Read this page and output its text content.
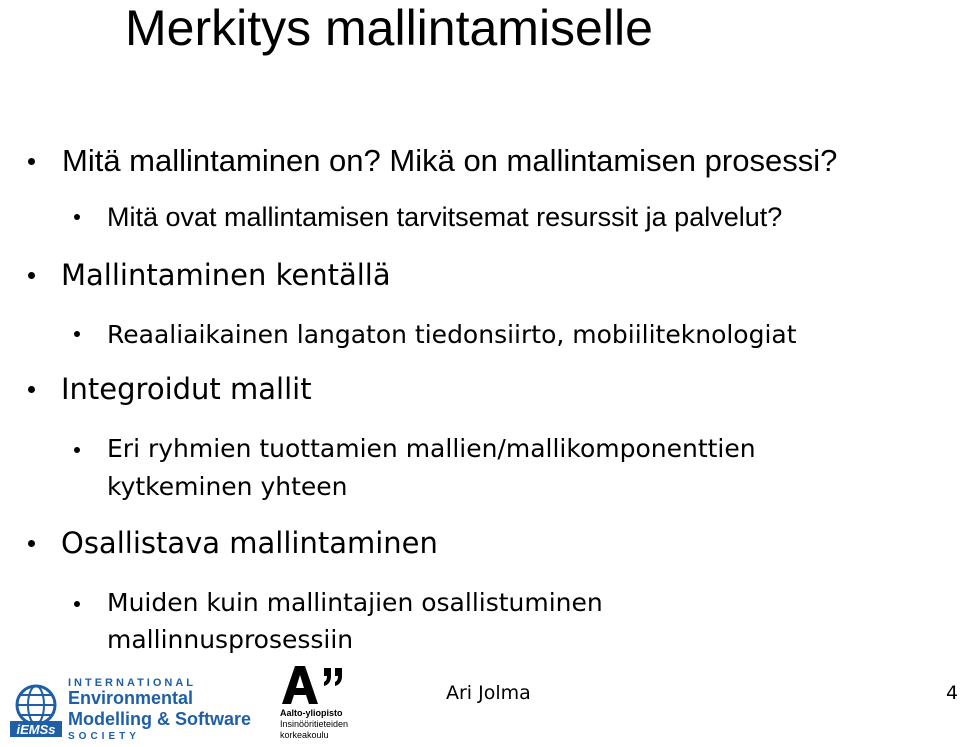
Merkitys mallintamiselle
Mitä mallintaminen on? Mikä on mallintamisen prosessi?
Mitä ovat mallintamisen tarvitsemat resurssit ja palvelut?
Mallintaminen kentällä
Reaaliaikainen langaton tiedonsiirto, mobiiliteknologiat
Integroidut mallit
Eri ryhmien tuottamien mallien/mallikomponenttien
kytkeminen yhteen
Osallistava mallintaminen
Muiden kuin mallintajien osallistuminen
mallinnusprosessiin
iEMSs
INTERNATIONAL
Environmental
Modelling & Software
SOCIETY
Aalto-yliopisto
Insinööritieteiden
korkeakoulu
Ari Jolma	4
